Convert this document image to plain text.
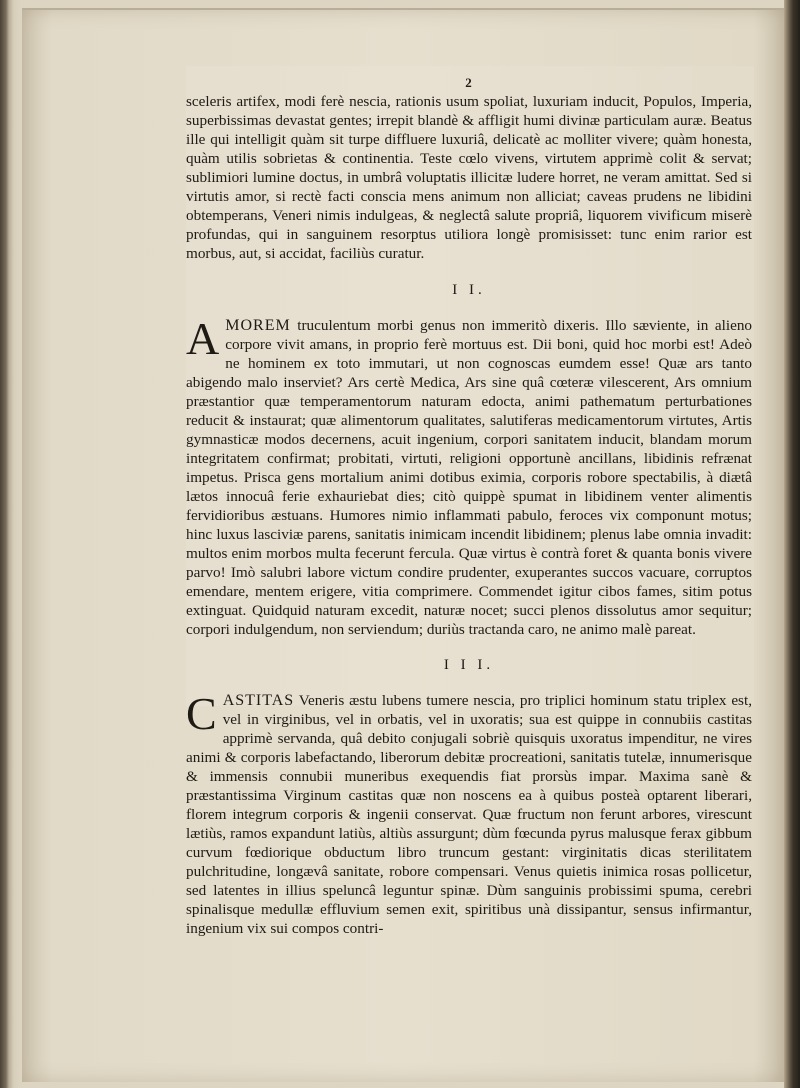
2

sceleris artifex, modi ferè nescia, rationis usum spoliat, luxuriam inducit, Populos, Imperia, superbissimas devastat gentes; irrepit blandè & affligit humi divinæ particulam auræ. Beatus ille qui intelligit quàm sit turpe diffluere luxuriâ, delicatè ac molliter vivere; quàm honesta, quàm utilis sobrietas & continentia. Teste cœlo vivens, virtutem apprimè colit & servat; sublimiori lumine doctus, in umbrâ voluptatis illicitæ ludere horret, ne veram amittat. Sed si virtutis amor, si rectè facti conscia mens animum non alliciat; caveas prudens ne libidini obtemperans, Veneri nimis indulgeas, & neglectâ salute propriâ, liquorem vivificum miserè profundas, qui in sanguinem resorptus utiliora longè promisisset: tunc enim rarior est morbus, aut, si accidat, faciliùs curatur.

I I.

AMOREM truculentum morbi genus non immeritò dixeris. Illo sæviente, in alieno corpore vivit amans, in proprio ferè mortuus est. Dii boni, quid hoc morbi est! Adeò ne hominem ex toto immutari, ut non cognoscas eumdem esse! Quæ ars tanto abigendo malo inserviet? Ars certè Medica, Ars sine quâ cœteræ vilescerent, Ars omnium præstantior quæ temperamentorum naturam edocta, animi pathematum perturbationes reducit & instaurat; quæ alimentorum qualitates, salutiferas medicamentorum virtutes, Artis gymnasticæ modos decernens, acuit ingenium, corpori sanitatem inducit, blandam morum integritatem confirmat; probitati, virtuti, religioni opportunè ancillans, libidinis refrænat impetus. Prisca gens mortalium animi dotibus eximia, corporis robore spectabilis, à diætâ lætos innocuâ ferie exhauriebat dies; citò quippè spumat in libidinem venter alimentis fervidioribus æstuans. Humores nimio inflammati pabulo, feroces vix componunt motus; hinc luxus lasciviæ parens, sanitatis inimicam incendit libidinem; plenus labe omnia invadit: multos enim morbos multa fecerunt fercula. Quæ virtus è contrà foret & quanta bonis vivere parvo! Imò salubri labore victum condire prudenter, exuperantes succos vacuare, corruptos emendare, mentem erigere, vitia comprimere. Commendet igitur cibos fames, sitim potus extinguat. Quidquid naturam excedit, naturæ nocet; succi plenos dissolutus amor sequitur; corpori indulgendum, non serviendum; duriùs tractanda caro, ne animo malè pareat.

I I I.

CASTITAS Veneris æstu lubens tumere nescia, pro triplici hominum statu triplex est, vel in virginibus, vel in orbatis, vel in uxoratis; sua est quippe in connubiis castitas apprimè servanda, quâ debito conjugali sobriè quisquis uxoratus impenditur, ne vires animi & corporis labefactando, liberorum debitæ procreationi, sanitatis tutelæ, innumerisque & immensis connubii muneribus exequendis fiat prorsùs impar. Maxima sanè & præstantissima Virginum castitas quæ non noscens ea à quibus posteà optarent liberari, florem integrum corporis & ingenii conservat. Quæ fructum non ferunt arbores, virescunt lætiùs, ramos expandunt latiùs, altiùs assurgunt; dùm fœcunda pyrus malusque ferax gibbum curvum fœdiorique obductum libro truncum gestant: virginitatis dicas sterilitatem pulchritudine, longævâ sanitate, robore compensari. Venus quietis inimica rosas pollicetur, sed latentes in illius speluncâ leguntur spinæ. Dùm sanguinis probissimi spuma, cerebri spinalisque medullæ effluvium semen exit, spiritibus unà dissipantur, sensus infirmantur, ingenium vix sui compos contri-
